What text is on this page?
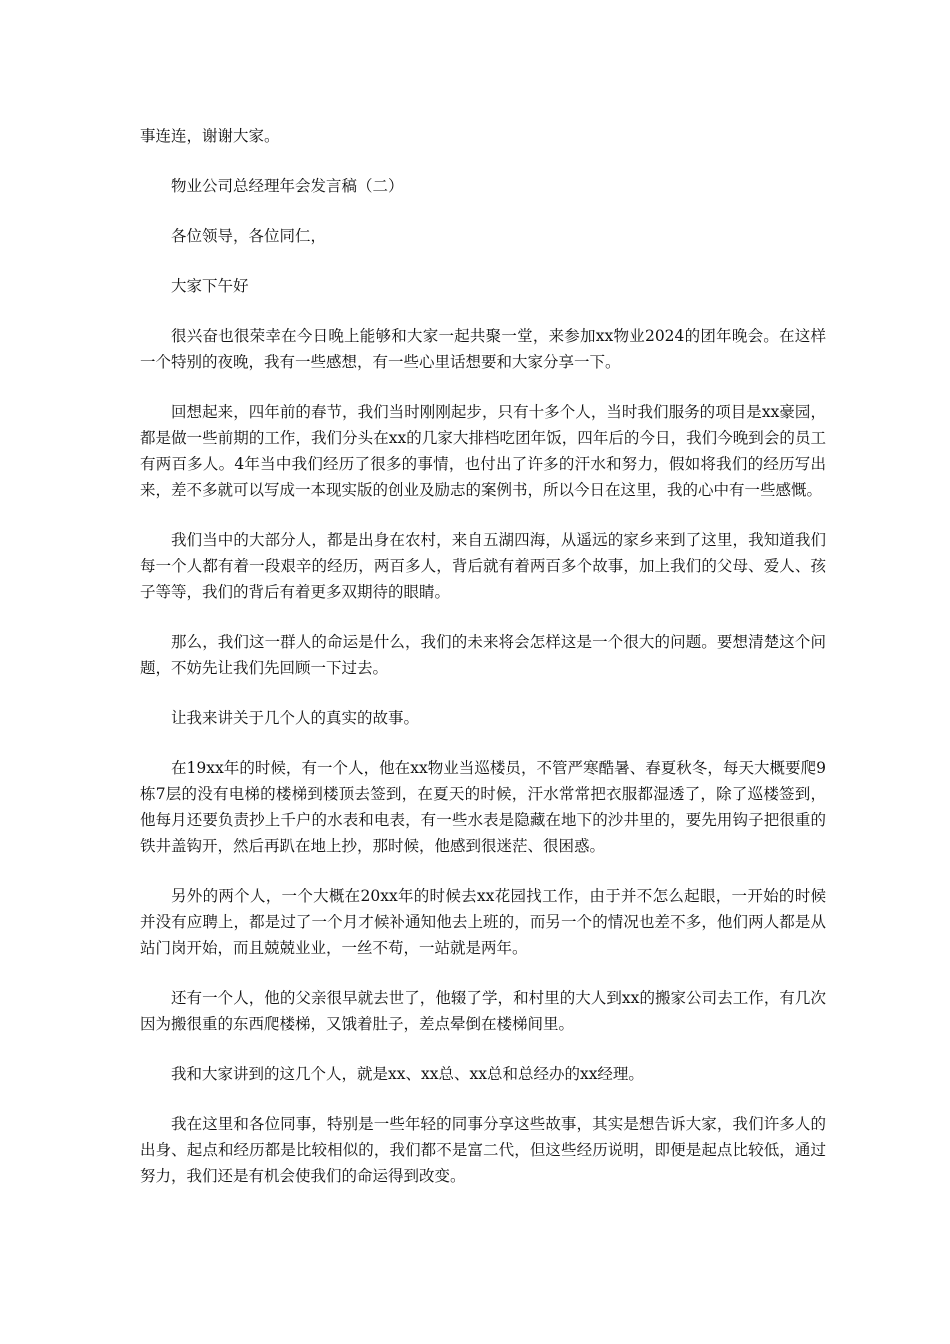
事连连，谢谢大家。

物业公司总经理年会发言稿（二）

各位领导，各位同仁，

大家下午好

很兴奋也很荣幸在今日晚上能够和大家一起共聚一堂，来参加xx物业2024的团年晚会。在这样一个特别的夜晚，我有一些感想，有一些心里话想要和大家分享一下。

回想起来，四年前的春节，我们当时刚刚起步，只有十多个人，当时我们服务的项目是xx豪园，都是做一些前期的工作，我们分头在xx的几家大排档吃团年饭，四年后的今日，我们今晚到会的员工有两百多人。4年当中我们经历了很多的事情，也付出了许多的汗水和努力，假如将我们的经历写出来，差不多就可以写成一本现实版的创业及励志的案例书，所以今日在这里，我的心中有一些感慨。

我们当中的大部分人，都是出身在农村，来自五湖四海，从遥远的家乡来到了这里，我知道我们每一个人都有着一段艰辛的经历，两百多人，背后就有着两百多个故事，加上我们的父母、爱人、孩子等等，我们的背后有着更多双期待的眼睛。

那么，我们这一群人的命运是什么，我们的未来将会怎样这是一个很大的问题。要想清楚这个问题，不妨先让我们先回顾一下过去。

让我来讲关于几个人的真实的故事。

在19xx年的时候，有一个人，他在xx物业当巡楼员，不管严寒酷暑、春夏秋冬，每天大概要爬9栋7层的没有电梯的楼梯到楼顶去签到，在夏天的时候，汗水常常把衣服都湿透了，除了巡楼签到，他每月还要负责抄上千户的水表和电表，有一些水表是隐藏在地下的沙井里的，要先用钩子把很重的铁井盖钩开，然后再趴在地上抄，那时候，他感到很迷茫、很困惑。

另外的两个人，一个大概在20xx年的时候去xx花园找工作，由于并不怎么起眼，一开始的时候并没有应聘上，都是过了一个月才候补通知他去上班的，而另一个的情况也差不多，他们两人都是从站门岗开始，而且兢兢业业，一丝不苟，一站就是两年。

还有一个人，他的父亲很早就去世了，他辍了学，和村里的大人到xx的搬家公司去工作，有几次因为搬很重的东西爬楼梯，又饿着肚子，差点晕倒在楼梯间里。

我和大家讲到的这几个人，就是xx、xx总、xx总和总经办的xx经理。

我在这里和各位同事，特别是一些年轻的同事分享这些故事，其实是想告诉大家，我们许多人的出身、起点和经历都是比较相似的，我们都不是富二代，但这些经历说明，即便是起点比较低，通过努力，我们还是有机会使我们的命运得到改变。
